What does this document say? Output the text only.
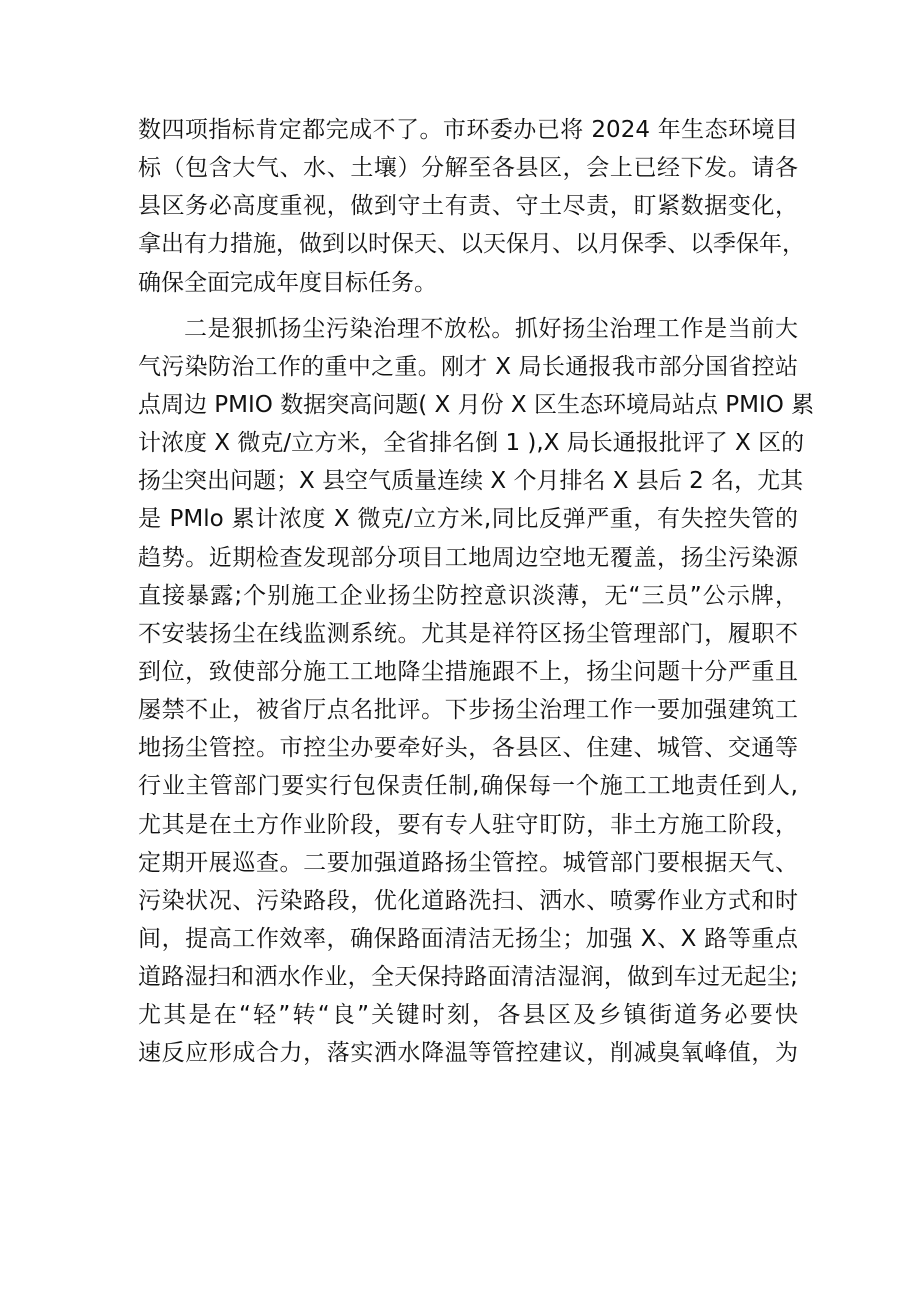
数四项指标肯定都完成不了。市环委办已将 2024 年生态环境目
标（包含大气、水、土壤）分解至各县区，会上已经下发。请各
县区务必高度重视，做到守土有责、守土尽责，盯紧数据变化，
拿出有力措施，做到以时保天、以天保月、以月保季、以季保年，
确保全面完成年度目标任务。
二是狠抓扬尘污染治理不放松。抓好扬尘治理工作是当前大
气污染防治工作的重中之重。刚才 X 局长通报我市部分国省控站
点周边 PMIO 数据突高问题( X 月份 X 区生态环境局站点 PMIO 累
计浓度 X 微克/立方米，全省排名倒 1 ),X 局长通报批评了 X 区的
扬尘突出问题；X 县空气质量连续 X 个月排名 X 县后 2 名，尤其
是 PMlo 累计浓度 X 微克/立方米,同比反弹严重，有失控失管的
趋势。近期检查发现部分项目工地周边空地无覆盖，扬尘污染源
直接暴露;个别施工企业扬尘防控意识淡薄，无“三员”公示牌，
不安装扬尘在线监测系统。尤其是祥符区扬尘管理部门，履职不
到位，致使部分施工工地降尘措施跟不上，扬尘问题十分严重且
屡禁不止，被省厅点名批评。下步扬尘治理工作一要加强建筑工
地扬尘管控。市控尘办要牵好头，各县区、住建、城管、交通等
行业主管部门要实行包保责任制,确保每一个施工工地责任到人,
尤其是在土方作业阶段，要有专人驻守盯防，非土方施工阶段，
定期开展巡查。二要加强道路扬尘管控。城管部门要根据天气、
污染状况、污染路段，优化道路洗扫、洒水、喷雾作业方式和时
间，提高工作效率，确保路面清洁无扬尘；加强 X、X 路等重点
道路湿扫和洒水作业，全天保持路面清洁湿润，做到车过无起尘;
尤其是在“轻”转“良”关键时刻，各县区及乡镇街道务必要快
速反应形成合力，落实洒水降温等管控建议，削减臭氧峰值，为
